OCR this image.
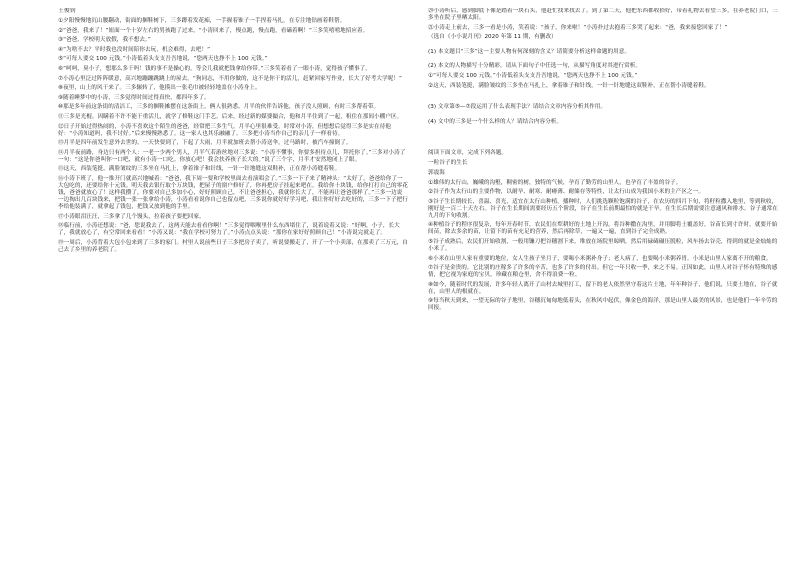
王俊钧

①夕阳慢慢地沉山腰翻动，街面的捆鞋树下，三多蹲着发花痴，一手握着锥子一手捏着马扎，在专注地钻画着鞋帮。

②“爸爸，我来了！”妞面一个十岁左右的男孩跑了过来。“小涛回来了，慢点跑，慢点跑，看磕着啊！”三多笑嘻嘻地招应着。

③“爸爸，学校明天放假，我不想去。”

④“为啥不去？平时我也没时间陪你去玩，机会难得，去吧！”

⑤“可每人要交 100 元钱。”小涛低着头支支吾吾地说，“您两天也挣不上 100 元钱。”

⑥“呵呵，臭小子，想那么多干吗！钱的事不是操心的，等会儿我就把钱拿给你带。”三多笑着看了一眼小涛，觉得孩子懂事了。

⑦小涛心里泛过阵阵暖意，高兴地蹦蹦跳跳上的屋去。“狗同志，不用你做的，这不是你干的活儿，赶紧回家写作业，长大了好考大学呢！”

⑧夜里，山上的风干来了。三多辗转了，他摸出一张毛巾被轻轻地盖在小涛身上。

⑨随着睡梦中的小涛，三多觉得时间过得真快，都四年多了。

⑩那是多年前这条街的清洁工，三多的捆鞋摊摆在这条街上，俩人很熟悉。月半的伙伴告诉他，孩子没人照顾，有时三多帮着带。

⑪三多是光棍。因瞒着不许不能干重活儿，就学了修鞋这门手艺。后来，经过新的媒婆撮合，他和月半住到了一起，租住在那间小棚户区。

⑫日子开始过得热闹的，小涛不喜欢这个陌生的爸爸，经常把三多生气。月半心里很难受。时常对小涛，但想想后觉得三多是实在待他好：“小涛知道吗，我不讨好。”后来慢慢熟悉了，这一家人也其乐融融了。三多把小涛当作自己的亲儿子一样看待。

⑬月半是四年前发生意外去世的。一天快要到了，下起了大雨，月半就加班去帮小涛送伞，过马路时，被汽车撞倒了。

⑭月半夜前路，身边只有两个人：一老一少两个男人，月半气若游丝地对三多说：“小涛不懂事，你要多担待点儿，拜托你了。”三多对小涛了一句：“这是你爸叫你一口吧，就有小涛一口吃。你放心吧！我会扶养孩子长大的。”说了三个字，月半才安然地闭上了眼。

⑮这天，西装笔挺，满脸皱纹的三多坐在马扎上，拿着锥子和针线，一针一针地缝这双鞋补，正在帮小涛缝着鞋。

⑯小涛下班了，他一推开门就高兴地喊着：“爸爸，我下周一要和学校里面去看演唱会了。”三多一下子来了精神头：“太好了，爸爸给你了一大包吃的，还要给你十元钱。明天我去银行取个万块钱，把屋子的窗户修好了，你再把房子挂起来吧在。我给你十块钱，给你打打自己的零花钱，爸爸就放心了！这样我攒了，你要对自己多加小心，好好照顾自己，不让爸爸担心，我就你长大了，不能再让爸爸那样了。”三多一边说一边掏出几百块钱来，把钱一张一张拿给小涛，小涛看看说你自己也留点吧，三多说你就好好学习吧，我让你好好去吃好的，三多一下子把行李给他装满了，就拿起了钱包，把钱又放到他的手里。

⑰小涛眼泪汪汪，三多拿了几个馒头，拉着孩子要把回家。

⑱临行前，小涛还想说：“爸，您说我去了，这两天能去看看你啊！”三多觉得咽喉里什么东西堵住了，说着说着又说：“好啊，小子，长大了，我就放心了，有空常回来看看！”小涛又说：“我在学校可努力了。”小涛点点头说：“那你在家好好照顾自己！”小涛说完就走了。

⑲一周后，小涛背着大包小包来到了三多的家门。村里人说前些日子三多把房子卖了，听说要搬走了，开了一个小卖部，在那卖了三万元，自己去了乡里的养老院了。

⑳小涛听后，感到脚底下像是踏着一块石头，他赶忙找来找去了。到了第二天，他把东西都收拾好，带着礼物去看望三多，在养老院门口，三多坐在院子里晒太阳。

㉑小涛走上前去，三多一看是小涛，笑着说：“孩子，你来啦！”小涛扑过去抱着三多哭了起来：“爸，我来接您回家了！”

（选自《小小说月刊》2020 年第 11 期，有删改）

(1) 本文题目“三多”这一主要人物有何深刻的含义？请简要分析这样命题的用意。

(2) 本文的人物描写十分精彩，请从下面句子中任选一句，从描写角度对其进行赏析。

①“可每人要交 100 元钱。”小涛低着头支支吾吾地说，“您两天也挣不上 100 元钱。”

②这天，西装笔挺，满脸皱纹的三多坐在马扎上，拿着锥子和针线，一针一针地缝这双鞋补，正在帮小涛缝着鞋。

(3) 文章第⑤—⑦段运用了什么表现手法？请结合文章内容分析其作用。

(4) 文中的三多是一个什么样的人？请结合内容分析。

阅读下面文章，完成下列各题。

一粒谷子的生长

郭震海

①雄伟的太行山，巍峨的沟壑，稠密的树，独特的气候，孕育了勤劳的山里人，也孕育了丰盈的谷子。

②谷子作为太行山的主要作物，以耐旱、耐寒、耐瘠薄、耐储存等特性，让太行山成为我国小米的主产区之一。

③谷子生长期较长，喜温、喜光，适宜在太行山种植。播种时，人们挑选颗粒饱满的谷子，在农历的四月下旬，将籽粒撒入地里，等到秋收，刚好是一百二十天左右。谷子在生长期间需要经历五个阶段，谷子在生长前期最怕的就是干旱。在生长后期需要注意通风和排水。谷子通常在九月的下旬收割。

④种植谷子的程序很复杂，每年开春时节，农民们在犁耕好的土地上开沟，将谷种撒在沟里，并用脚将土覆盖好，谷苗长到寸许时，就要开始间苗，除去多余的苗，让留下的苗有充足的营养，然后再除草，一遍又一遍，直到谷子完全成熟。

⑤谷子成熟后，农民们开始收割，一般用镰刀把谷穗割下来，堆放在场院里晾晒，然后用碌碡碾压脱粒，风车扬去谷壳，得到的就是金灿灿的小米了。

⑥小米在山里人家有重要的地位，女人生孩子坐月子，要喝小米粥补身子；老人病了，也要喝小米粥养胃。小米是山里人家离不开的粮食。

⑦谷子是金贵的。它比别的庄稼多了许多的辛苦，也多了许多的付出。但它一年只收一季，来之不易。正因如此，山里人对谷子怀有特殊的感情，把它视为家庭的宝贝，珍藏在粮仓里，舍不得浪费一粒。

⑧如今，随着时代的发展，许多年轻人离开了山村去城里打工，留下的老人依然坚守着这片土地，年年种谷子，他们说，只要土地在，谷子就在，山里人的根就在。

⑨每当秋天到来，一望无际的谷子地里，谷穗沉甸甸地低着头，在秋风中起伏，像金色的海洋，那是山里人最美的风景，也是他们一年辛劳的回报。
